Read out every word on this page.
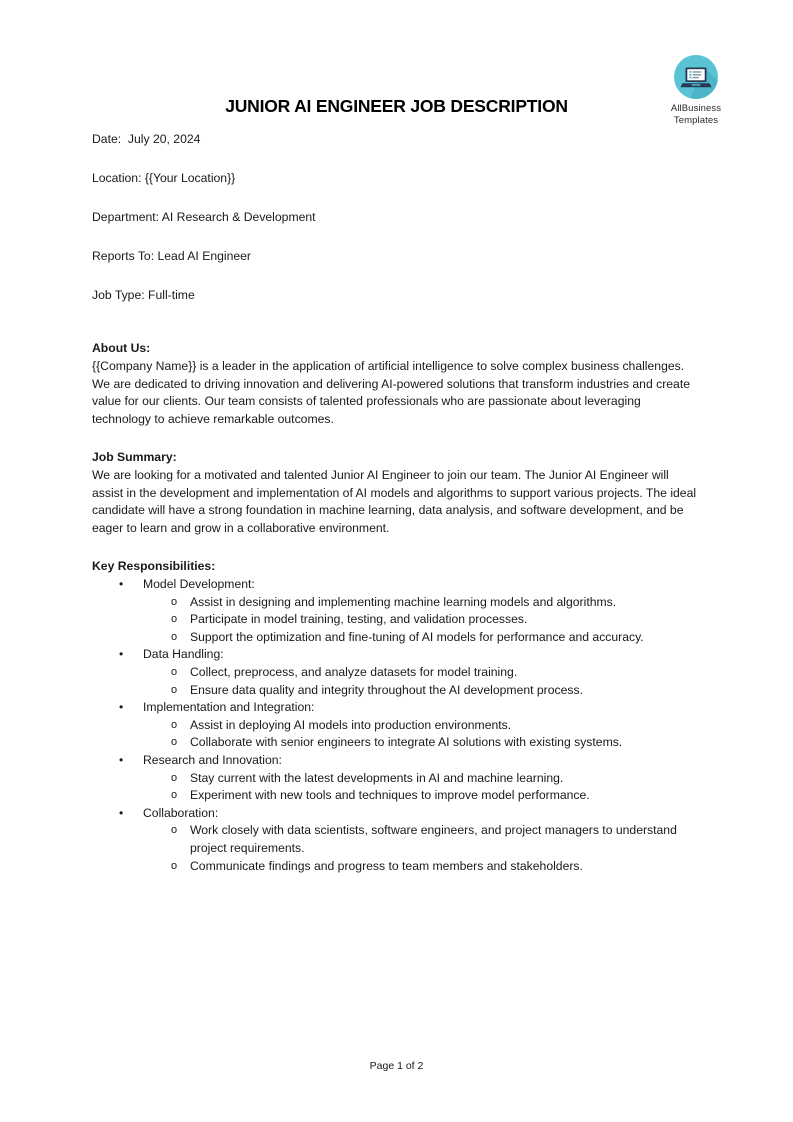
AllBusiness
Templates
JUNIOR AI ENGINEER JOB DESCRIPTION

Date:  July 20, 2024

Location: {{Your Location}}

Department: AI Research & Development

Reports To: Lead AI Engineer

Job Type: Full-time

About Us:

{{Company Name}} is a leader in the application of artificial intelligence to solve complex business challenges. We are dedicated to driving innovation and delivering AI-powered solutions that transform industries and create value for our clients. Our team consists of talented professionals who are passionate about leveraging technology to achieve remarkable outcomes.

Job Summary:

We are looking for a motivated and talented Junior AI Engineer to join our team. The Junior AI Engineer will assist in the development and implementation of AI models and algorithms to support various projects. The ideal candidate will have a strong foundation in machine learning, data analysis, and software development, and be eager to learn and grow in a collaborative environment.

Key Responsibilities:

• Model Development:
o Assist in designing and implementing machine learning models and algorithms.
o Participate in model training, testing, and validation processes.
o Support the optimization and fine-tuning of AI models for performance and accuracy.
• Data Handling:
o Collect, preprocess, and analyze datasets for model training.
o Ensure data quality and integrity throughout the AI development process.
• Implementation and Integration:
o Assist in deploying AI models into production environments.
o Collaborate with senior engineers to integrate AI solutions with existing systems.
• Research and Innovation:
o Stay current with the latest developments in AI and machine learning.
o Experiment with new tools and techniques to improve model performance.
• Collaboration:
o Work closely with data scientists, software engineers, and project managers to understand project requirements.
o Communicate findings and progress to team members and stakeholders.
Page 1 of 2
